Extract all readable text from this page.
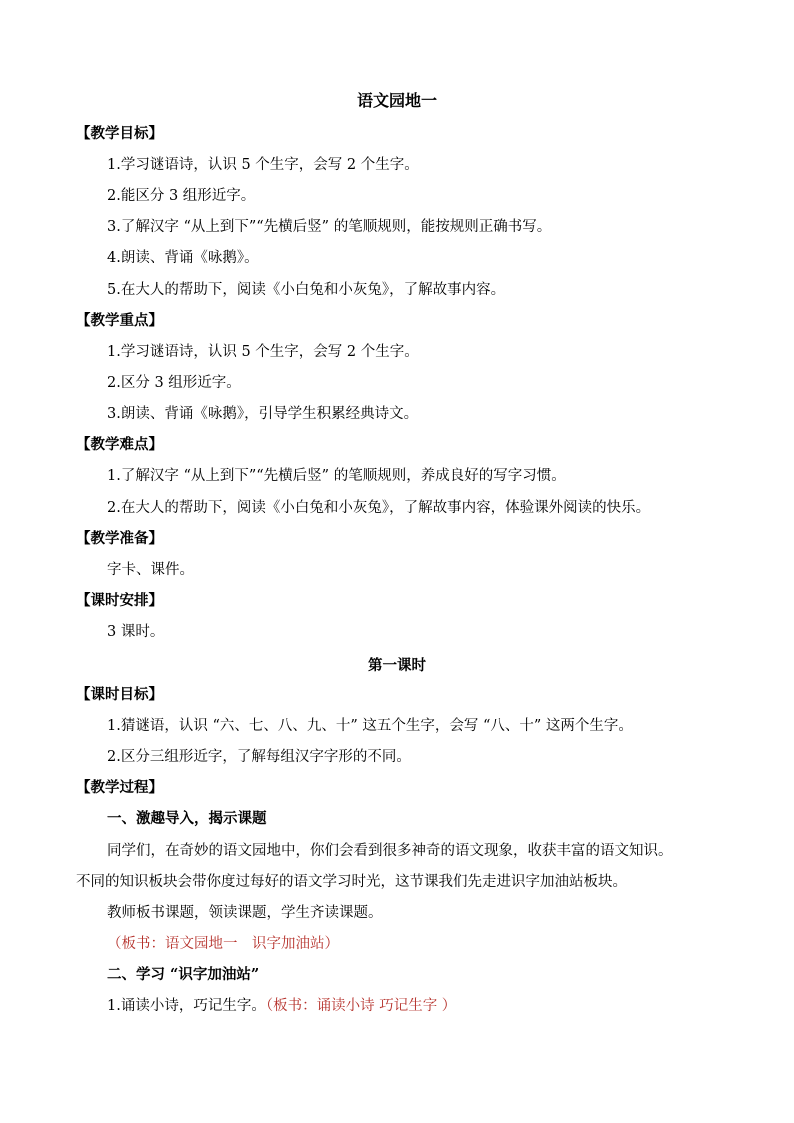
语文园地一
【教学目标】
1.学习谜语诗，认识 5 个生字，会写 2 个生字。
2.能区分 3 组形近字。
3.了解汉字 “从上到下”“先横后竖” 的笔顺规则，能按规则正确书写。
4.朗读、背诵《咏鹅》。
5.在大人的帮助下，阅读《小白兔和小灰兔》，了解故事内容。
【教学重点】
1.学习谜语诗，认识 5 个生字，会写 2 个生字。
2.区分 3 组形近字。
3.朗读、背诵《咏鹅》，引导学生积累经典诗文。
【教学难点】
1.了解汉字 “从上到下”“先横后竖” 的笔顺规则，养成良好的写字习惯。
2.在大人的帮助下，阅读《小白兔和小灰兔》，了解故事内容，体验课外阅读的快乐。
【教学准备】
字卡、课件。
【课时安排】
3 课时。
第一课时
【课时目标】
1.猜谜语，认识 “六、七、八、九、十” 这五个生字，会写 “八、十” 这两个生字。
2.区分三组形近字，了解每组汉字字形的不同。
【教学过程】
一、激趣导入，揭示课题
同学们，在奇妙的语文园地中，你们会看到很多神奇的语文现象，收获丰富的语文知识。
不同的知识板块会带你度过每好的语文学习时光，这节课我们先走进识字加油站板块。
教师板书课题，领读课题，学生齐读课题。
（板书：语文园地一　识字加油站）
二、学习 “识字加油站”
1.诵读小诗，巧记生字。（板书：诵读小诗 巧记生字 ）
